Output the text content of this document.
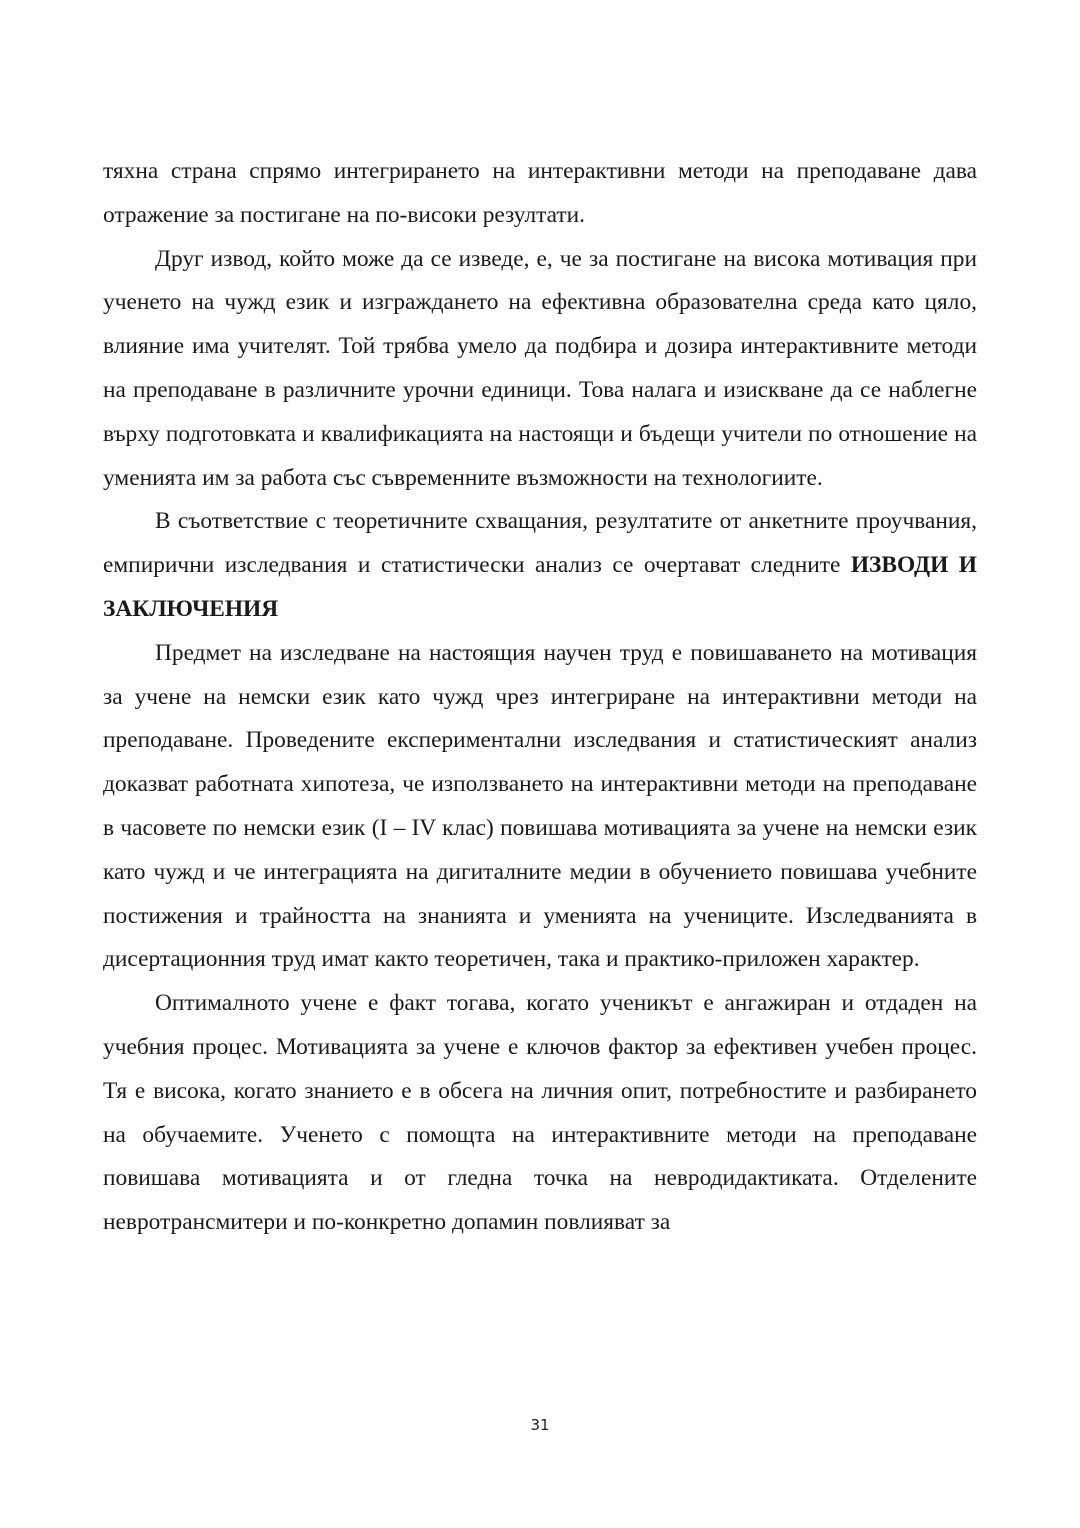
тяхна страна спрямо интегрирането на интерактивни методи на преподаване дава отражение за постигане на по-високи резултати.

Друг извод, който може да се изведе, е, че за постигане на висока мотивация при ученето на чужд език и изграждането на ефективна образователна среда като цяло, влияние има учителят. Той трябва умело да подбира и дозира интерактивните методи на преподаване в различните урочни единици. Това налага и изискване да се наблегне върху подготовката и квалификацията на настоящи и бъдещи учители по отношение на уменията им за работа със съвременните възможности на технологиите.

В съответствие с теоретичните схващания, резултатите от анкетните проучвания, емпирични изследвания и статистически анализ се очертават следните ИЗВОДИ И ЗАКЛЮЧЕНИЯ

Предмет на изследване на настоящия научен труд е повишаването на мотивация за учене на немски език като чужд чрез интегриране на интерактивни методи на преподаване. Проведените експериментални изследвания и статистическият анализ доказват работната хипотеза, че използването на интерактивни методи на преподаване в часовете по немски език (I – IV клас) повишава мотивацията за учене на немски език като чужд и че интеграцията на дигиталните медии в обучението повишава учебните постижения и трайността на знанията и уменията на учениците. Изследванията в дисертационния труд имат както теоретичен, така и практико-приложен характер.

Оптималното учене е факт тогава, когато ученикът е ангажиран и отдаден на учебния процес. Мотивацията за учене е ключов фактор за ефективен учебен процес. Тя е висока, когато знанието е в обсега на личния опит, потребностите и разбирането на обучаемите. Ученето с помощта на интерактивните методи на преподаване повишава мотивацията и от гледна точка на невродидактиката. Отделените невротрансмитери и по-конкретно допамин повлияват за

31
